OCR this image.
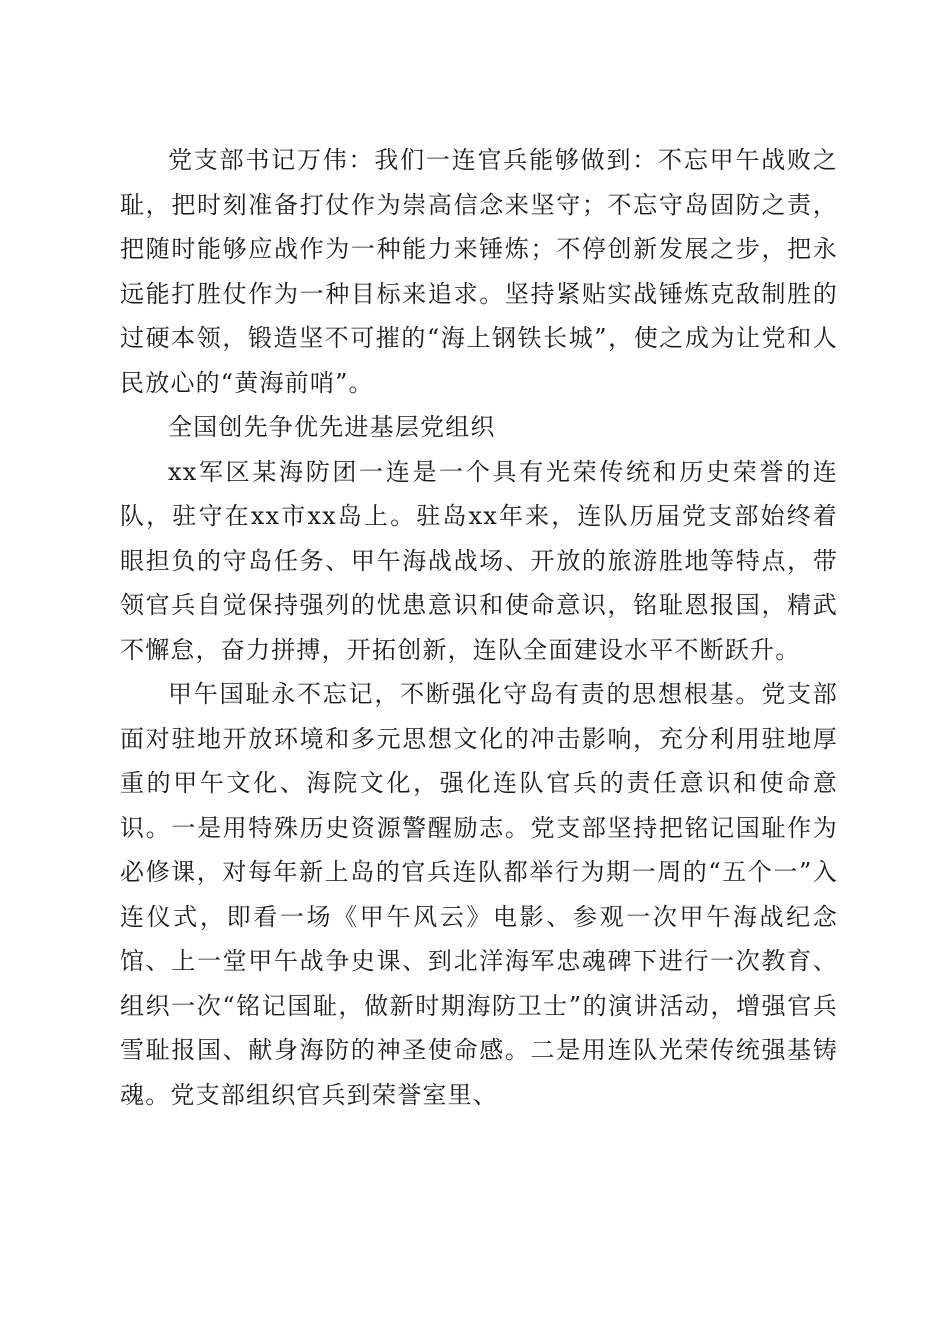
党支部书记万伟：我们一连官兵能够做到：不忘甲午战败之耻，把时刻准备打仗作为崇高信念来坚守；不忘守岛固防之责，把随时能够应战作为一种能力来锤炼；不停创新发展之步，把永远能打胜仗作为一种目标来追求。坚持紧贴实战锤炼克敌制胜的过硬本领，锻造坚不可摧的“海上钢铁长城”，使之成为让党和人民放心的“黄海前哨”。

全国创先争优先进基层党组织

xx军区某海防团一连是一个具有光荣传统和历史荣誉的连队，驻守在xx市xx岛上。驻岛xx年来，连队历届党支部始终着眼担负的守岛任务、甲午海战战场、开放的旅游胜地等特点，带领官兵自觉保持强列的忧患意识和使命意识，铭耻恩报国，精武不懈怠，奋力拼搏，开拓创新，连队全面建设水平不断跃升。

甲午国耻永不忘记，不断强化守岛有责的思想根基。党支部面对驻地开放环境和多元思想文化的冲击影响，充分利用驻地厚重的甲午文化、海院文化，强化连队官兵的责任意识和使命意识。一是用特殊历史资源警醒励志。党支部坚持把铭记国耻作为必修课，对每年新上岛的官兵连队都举行为期一周的“五个一”入连仪式，即看一场《甲午风云》电影、参观一次甲午海战纪念馆、上一堂甲午战争史课、到北洋海军忠魂碑下进行一次教育、组织一次“铭记国耻，做新时期海防卫士”的演讲活动，增强官兵雪耻报国、献身海防的神圣使命感。二是用连队光荣传统强基铸魂。党支部组织官兵到荣誉室里、
